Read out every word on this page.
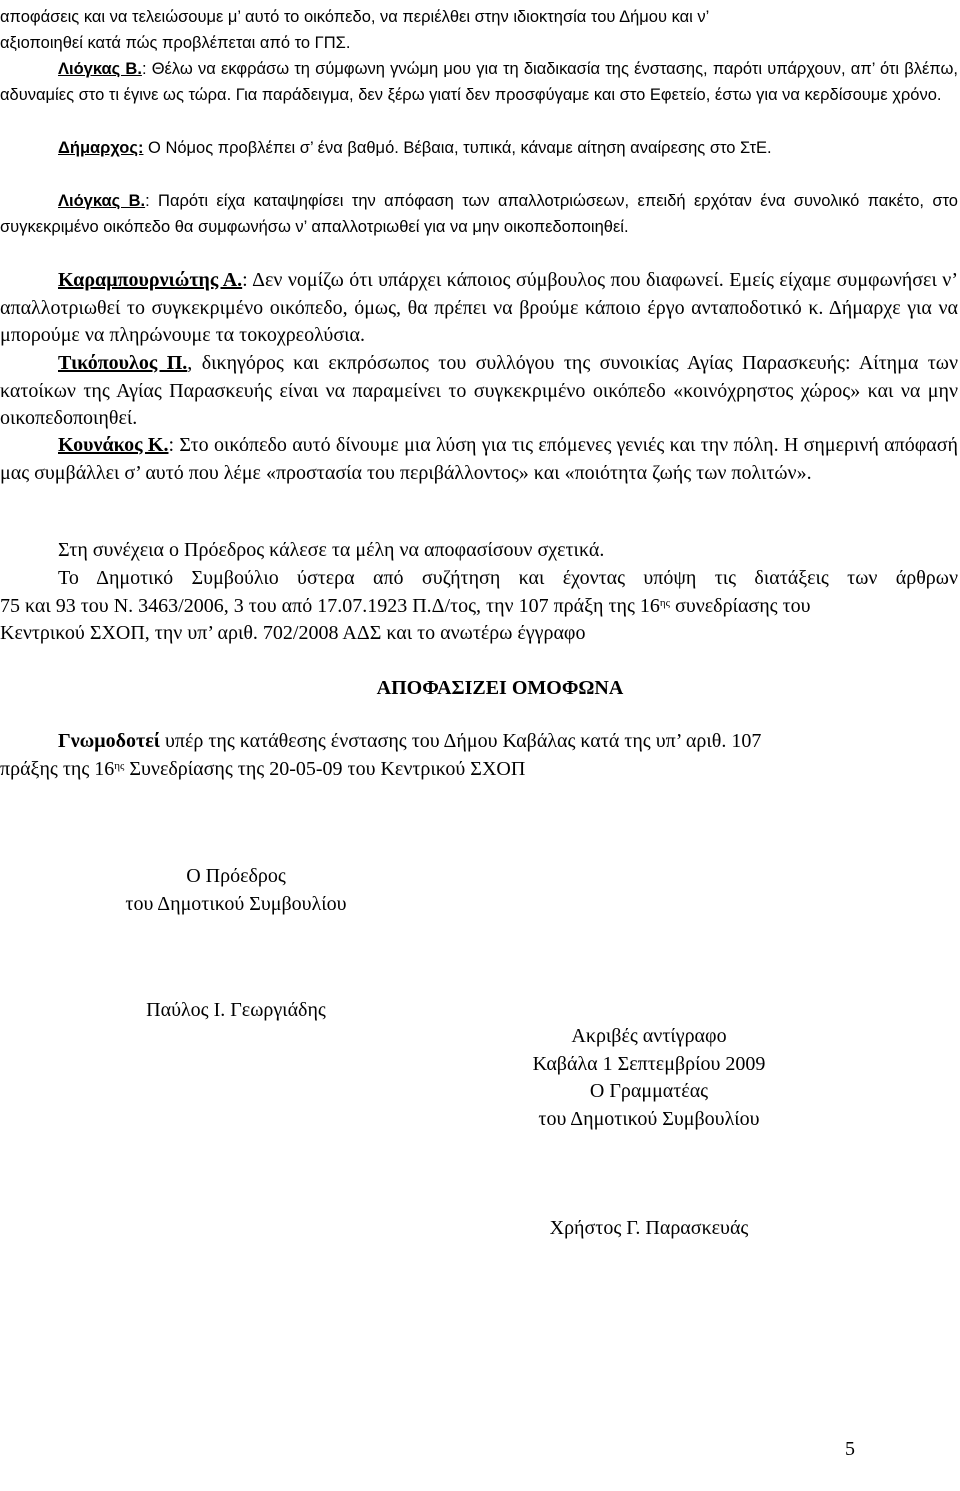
αποφάσεις και να τελειώσουμε μ’ αυτό το οικόπεδο, να περιέλθει στην ιδιοκτησία του Δήμου και ν’
αξιοποιηθεί κατά πώς προβλέπεται από το ΓΠΣ.

Λιόγκας Β.: Θέλω να εκφράσω τη σύμφωνη γνώμη μου για τη διαδικασία της ένστασης, παρότι υπάρχουν, απ’ ότι βλέπω, αδυναμίες στο τι έγινε ως τώρα. Για παράδειγμα, δεν ξέρω γιατί δεν προσφύγαμε και στο Εφετείο, έστω για να κερδίσουμε χρόνο.

Δήμαρχος: Ο Νόμος προβλέπει σ’ ένα βαθμό. Βέβαια, τυπικά, κάναμε αίτηση αναίρεσης στο ΣτΕ.

Λιόγκας Β.: Παρότι είχα καταψηφίσει την απόφαση των απαλλοτριώσεων, επειδή ερχόταν ένα συνολικό πακέτο, στο συγκεκριμένο οικόπεδο θα συμφωνήσω ν’ απαλλοτριωθεί για να μην οικοπεδοποιηθεί.

Καραμπουρνιώτης Α.: Δεν νομίζω ότι υπάρχει κάποιος σύμβουλος που διαφωνεί. Εμείς είχαμε συμφωνήσει ν’ απαλλοτριωθεί το συγκεκριμένο οικόπεδο, όμως, θα πρέπει να βρούμε κάποιο έργο ανταποδοτικό κ. Δήμαρχε για να μπορούμε να πληρώνουμε τα τοκοχρεολύσια.

Τικόπουλος Π., δικηγόρος και εκπρόσωπος του συλλόγου της συνοικίας Αγίας Παρασκευής: Αίτημα των κατοίκων της Αγίας Παρασκευής είναι να παραμείνει το συγκεκριμένο οικόπεδο «κοινόχρηστος χώρος» και να μην οικοπεδοποιηθεί.

Κουνάκος Κ.: Στο οικόπεδο αυτό δίνουμε μια λύση για τις επόμενες γενιές και την πόλη. Η σημερινή απόφασή μας συμβάλλει σ’ αυτό που λέμε «προστασία του περιβάλλοντος» και «ποιότητα ζωής των πολιτών».

Στη συνέχεια ο Πρόεδρος κάλεσε τα μέλη να αποφασίσουν σχετικά.

Το Δημοτικό Συμβούλιο ύστερα από συζήτηση και έχοντας υπόψη τις διατάξεις των άρθρων
75 και 93 του Ν. 3463/2006, 3 του από 17.07.1923 Π.Δ/τος, την 107 πράξη της $16^{\eta\varsigma}$ συνεδρίασης του
Κεντρικού ΣΧΟΠ, την υπ’ αριθ. 702/2008 ΑΔΣ και το ανωτέρω έγγραφο

ΑΠΟΦΑΣΙΖΕΙ ΟΜΟΦΩΝΑ

Γνωμοδοτεί υπέρ της κατάθεσης ένστασης του Δήμου Καβάλας κατά της υπ’ αριθ. 107
πράξης της $16^{\eta\varsigma}$ Συνεδρίασης της 20-05-09 του Κεντρικού ΣΧΟΠ

Ο Πρόεδρος
του Δημοτικού Συμβουλίου
Παύλος Ι. Γεωργιάδης
Ακριβές αντίγραφο
Καβάλα 1 Σεπτεμβρίου 2009
Ο Γραμματέας
του Δημοτικού Συμβουλίου
Χρήστος Γ. Παρασκευάς
5
